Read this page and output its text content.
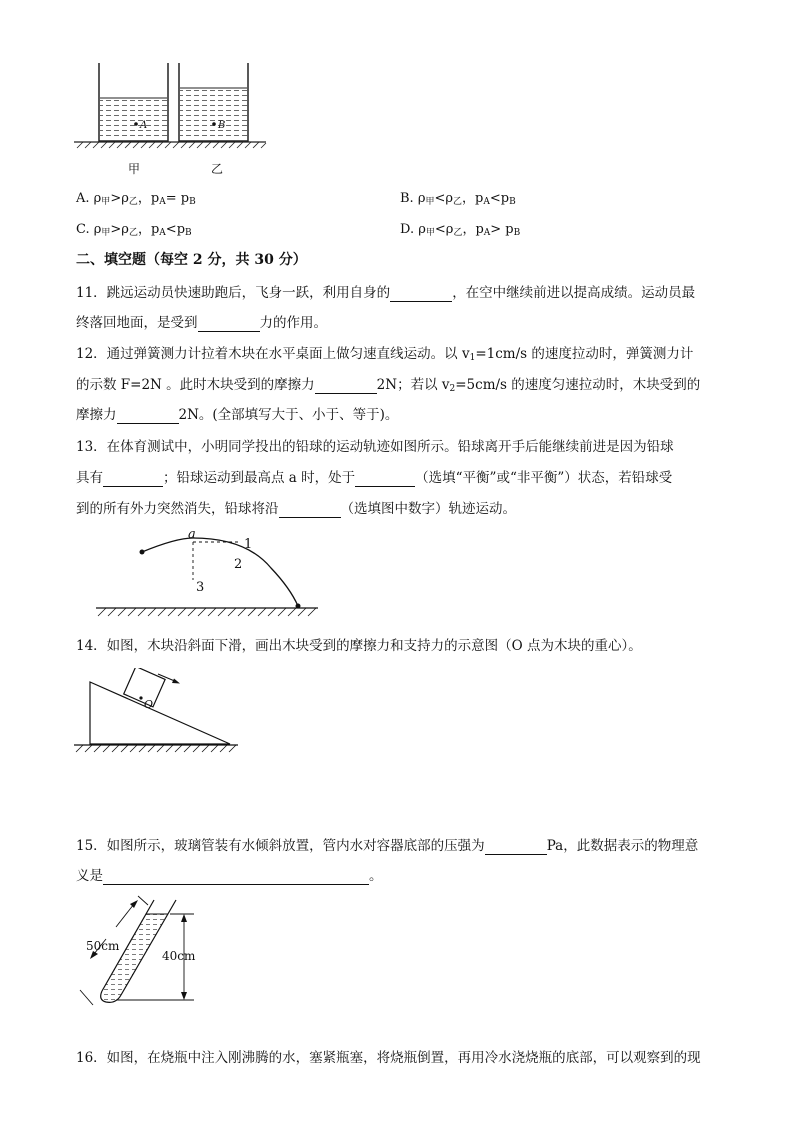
A	B
甲	乙
A. $\rho_甲>\rho_乙$，$p_A= p_B$	B. $\rho_甲<\rho_乙$，$p_A<p_B$
C. $\rho_甲>\rho_乙$，$p_A<p_B$	D. $\rho_甲<\rho_乙$，$p_A> p_B$
二、填空题（每空 2 分，共 30 分）
11．跳远运动员快速助跑后，飞身一跃，利用自身的	，在空中继续前进以提高成绩。运动员最
终落回地面，是受到	力的作用。
12．通过弹簧测力计拉着木块在水平桌面上做匀速直线运动。以 $v_1=1cm/s$ 的速度拉动时，弹簧测力计
的示数 F=2N 。此时木块受到的摩擦力	2N；若以 $v_2=5cm/s$ 的速度匀速拉动时，木块受到的
摩擦力	2N。(全部填写大于、小于、等于)。
13．在体育测试中，小明同学投出的铅球的运动轨迹如图所示。铅球离开手后能继续前进是因为铅球
具有	；铅球运动到最高点 a 时，处于	（选填“平衡”或“非平衡”）状态，若铅球受
到的所有外力突然消失，铅球将沿	（选填图中数字）轨迹运动。
a
1
2
3
14．如图，木块沿斜面下滑，画出木块受到的摩擦力和支持力的示意图（O 点为木块的重心）。
O
15．如图所示，玻璃管装有水倾斜放置，管内水对容器底部的压强为	Pa，此数据表示的物理意
义是	。
50cm
40cm
16．如图，在烧瓶中注入刚沸腾的水，塞紧瓶塞，将烧瓶倒置，再用冷水浇烧瓶的底部，可以观察到的现
